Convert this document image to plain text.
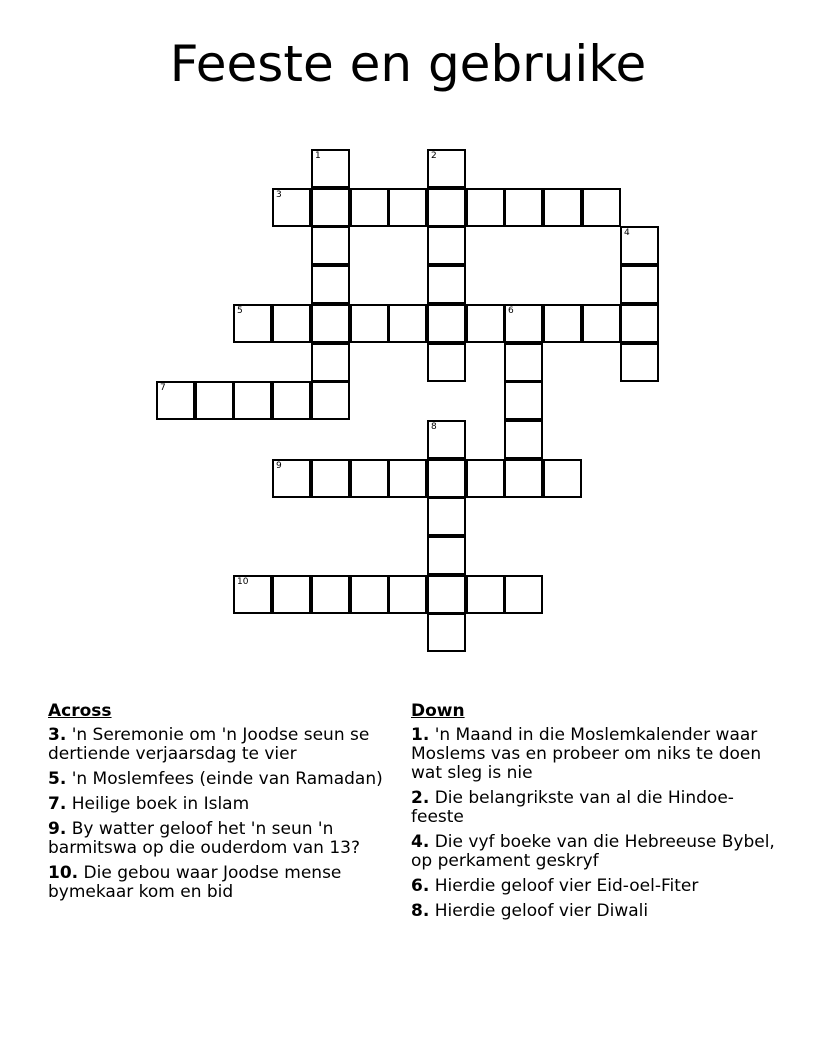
Feeste en gebruike
1	2
3
4
5	6
7
8
9
10
Across
3. 'n Seremonie om 'n Joodse seun se dertiende verjaarsdag te vier
5. 'n Moslemfees (einde van Ramadan)
7. Heilige boek in Islam
9. By watter geloof het 'n seun 'n barmitswa op die ouderdom van 13?
10. Die gebou waar Joodse mense bymekaar kom en bid
Down
1. 'n Maand in die Moslemkalender waar Moslems vas en probeer om niks te doen wat sleg is nie
2. Die belangrikste van al die Hindoe-feeste
4. Die vyf boeke van die Hebreeuse Bybel, op perkament geskryf
6. Hierdie geloof vier Eid-oel-Fiter
8. Hierdie geloof vier Diwali
